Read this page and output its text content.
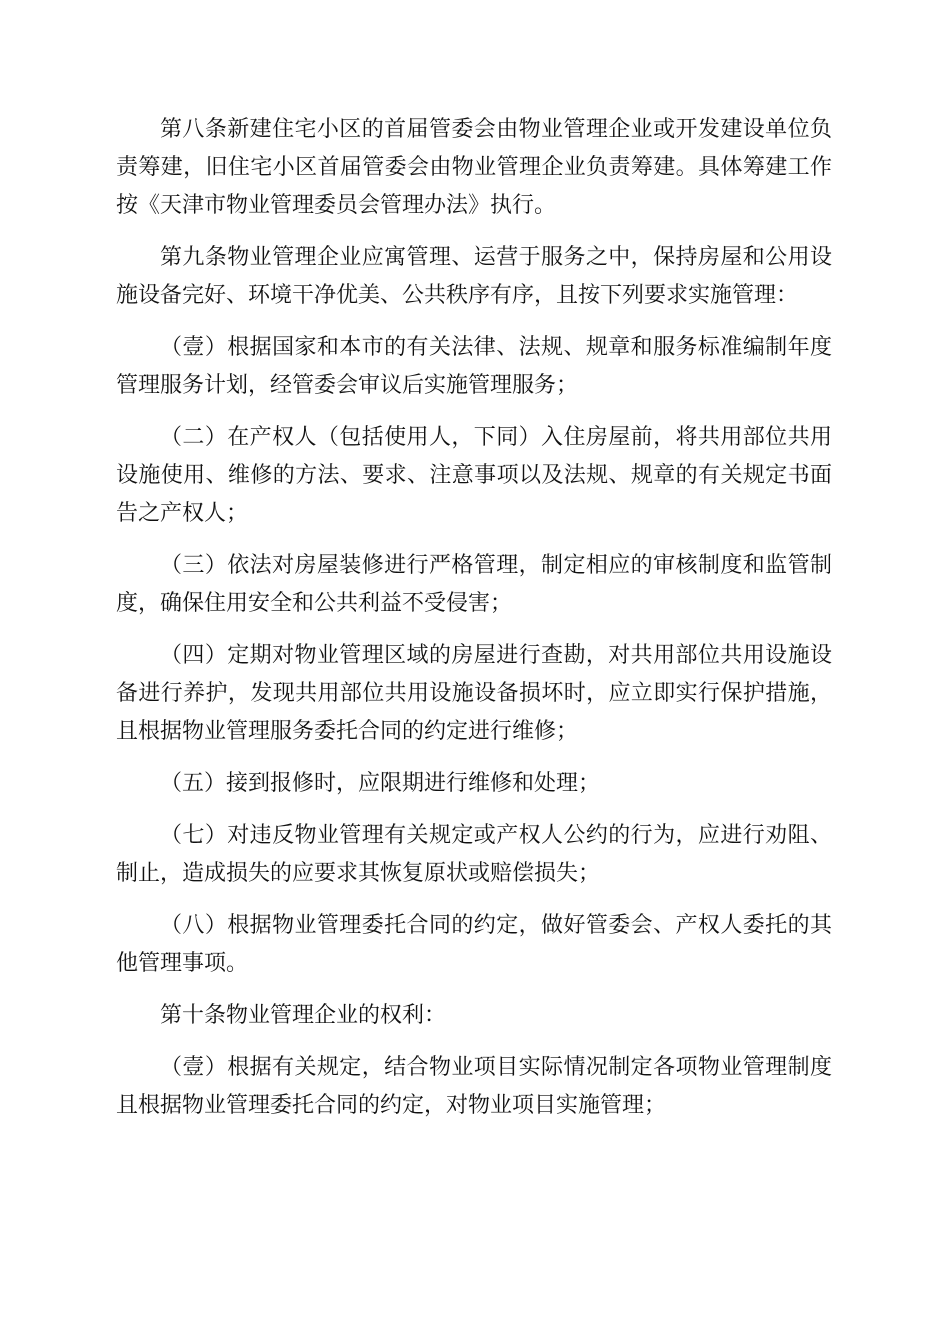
第八条新建住宅小区的首届管委会由物业管理企业或开发建设单位负责筹建，旧住宅小区首届管委会由物业管理企业负责筹建。具体筹建工作按《天津市物业管理委员会管理办法》执行。

第九条物业管理企业应寓管理、运营于服务之中，保持房屋和公用设施设备完好、环境干净优美、公共秩序有序，且按下列要求实施管理：

（壹）根据国家和本市的有关法律、法规、规章和服务标准编制年度管理服务计划，经管委会审议后实施管理服务；

（二）在产权人（包括使用人，下同）入住房屋前，将共用部位共用设施使用、维修的方法、要求、注意事项以及法规、规章的有关规定书面告之产权人；

（三）依法对房屋装修进行严格管理，制定相应的审核制度和监管制度，确保住用安全和公共利益不受侵害；

（四）定期对物业管理区域的房屋进行查勘，对共用部位共用设施设备进行养护，发现共用部位共用设施设备损坏时，应立即实行保护措施，且根据物业管理服务委托合同的约定进行维修；

（五）接到报修时，应限期进行维修和处理；

（七）对违反物业管理有关规定或产权人公约的行为，应进行劝阻、制止，造成损失的应要求其恢复原状或赔偿损失；

（八）根据物业管理委托合同的约定，做好管委会、产权人委托的其他管理事项。

第十条物业管理企业的权利：

（壹）根据有关规定，结合物业项目实际情况制定各项物业管理制度且根据物业管理委托合同的约定，对物业项目实施管理；
